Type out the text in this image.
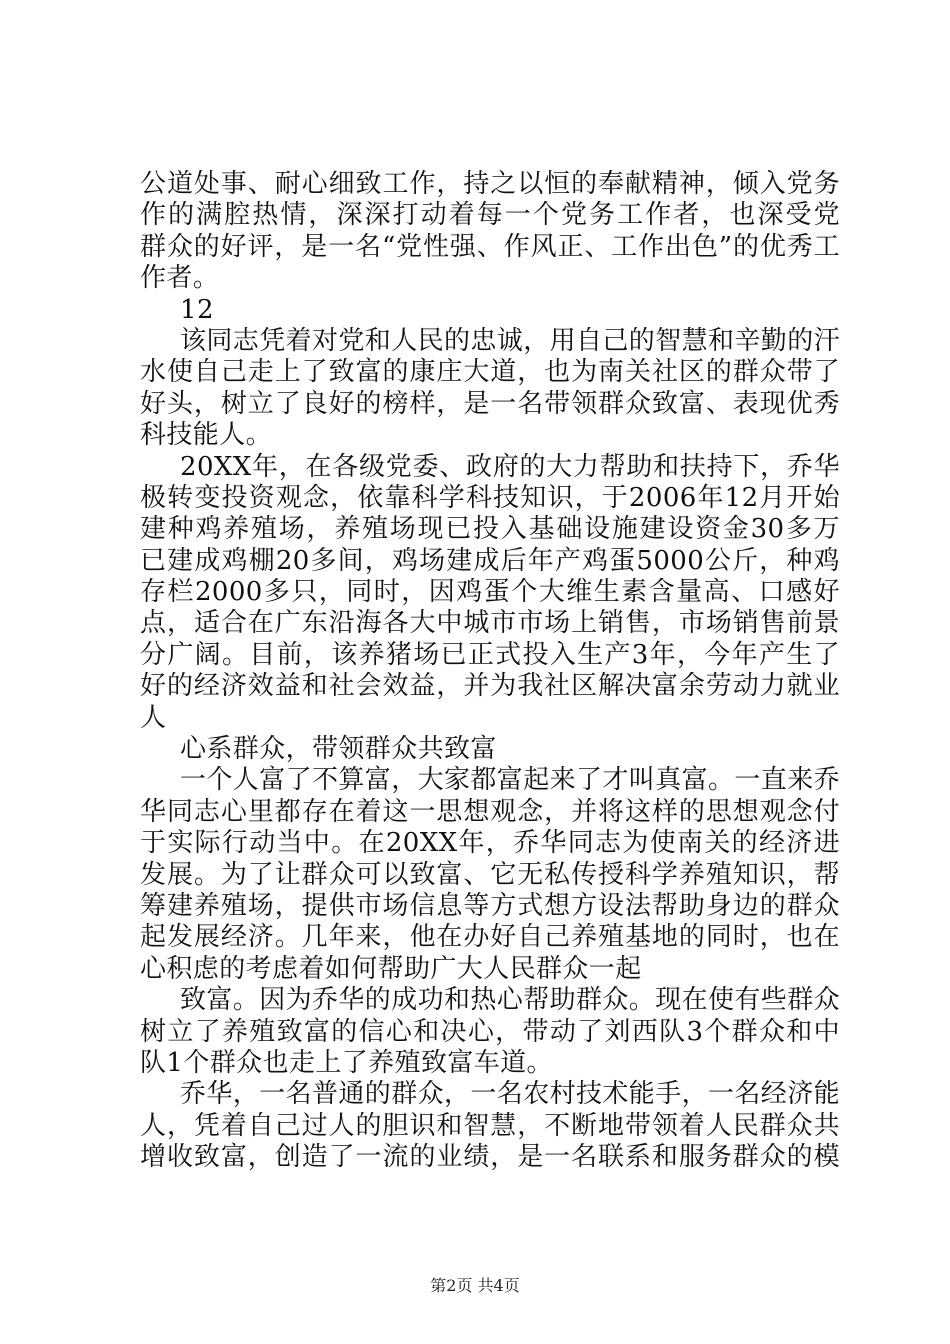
公道处事、耐心细致工作，持之以恒的奉献精神，倾入党务
作的满腔热情，深深打动着每一个党务工作者，也深受党
群众的好评，是一名“党性强、作风正、工作出色”的优秀工
作者。
12
该同志凭着对党和人民的忠诚，用自己的智慧和辛勤的汗
水使自己走上了致富的康庄大道，也为南关社区的群众带了
好头，树立了良好的榜样，是一名带领群众致富、表现优秀
科技能人。
20XX年，在各级党委、政府的大力帮助和扶持下，乔华
极转变投资观念，依靠科学科技知识，于2006年12月开始
建种鸡养殖场，养殖场现已投入基础设施建设资金30多万
已建成鸡棚20多间，鸡场建成后年产鸡蛋5000公斤，种鸡
存栏2000多只，同时，因鸡蛋个大维生素含量高、口感好
点，适合在广东沿海各大中城市市场上销售，市场销售前景
分广阔。目前，该养猪场已正式投入生产3年，今年产生了
好的经济效益和社会效益，并为我社区解决富余劳动力就业
人
心系群众，带领群众共致富
一个人富了不算富，大家都富起来了才叫真富。一直来乔
华同志心里都存在着这一思想观念，并将这样的思想观念付
于实际行动当中。在20XX年，乔华同志为使南关的经济进
发展。为了让群众可以致富、它无私传授科学养殖知识，帮
筹建养殖场，提供市场信息等方式想方设法帮助身边的群众
起发展经济。几年来，他在办好自己养殖基地的同时，也在
心积虑的考虑着如何帮助广大人民群众一起
致富。因为乔华的成功和热心帮助群众。现在使有些群众
树立了养殖致富的信心和决心，带动了刘西队3个群众和中
队1个群众也走上了养殖致富车道。
乔华，一名普通的群众，一名农村技术能手，一名经济能
人，凭着自己过人的胆识和智慧，不断地带领着人民群众共
增收致富，创造了一流的业绩，是一名联系和服务群众的模
第2页 共4页
